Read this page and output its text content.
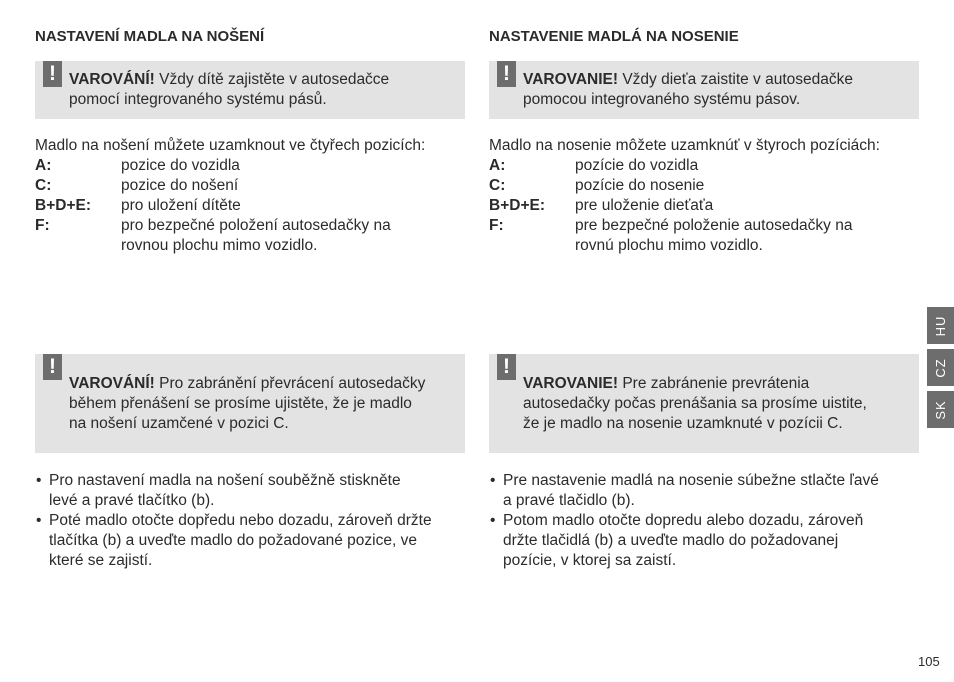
NASTAVENÍ MADLA NA NOŠENÍ
! VAROVÁNÍ! Vždy dítě zajistěte v autosedačce
pomocí integrovaného systému pásů.
Madlo na nošení můžete uzamknout ve čtyřech pozicích:
A:	pozice do vozidla
C:	pozice do nošení
B+D+E:	pro uložení dítěte
F:	pro bezpečné položení autosedačky na
rovnou plochu mimo vozidlo.
!
VAROVÁNÍ! Pro zabránění převrácení autosedačky
během přenášení se prosíme ujistěte, že je madlo
na nošení uzamčené v pozici C.
• Pro nastavení madla na nošení souběžně stiskněte
levé a pravé tlačítko (b).
• Poté madlo otočte dopředu nebo dozadu, zároveň držte
tlačítka (b) a uveďte madlo do požadované pozice, ve
které se zajistí.
NASTAVENIE MADLÁ NA NOSENIE
! VAROVANIE! Vždy dieťa zaistite v autosedačke
pomocou integrovaného systému pásov.
Madlo na nosenie môžete uzamknúť v štyroch pozíciách:
A:	pozície do vozidla
C:	pozície do nosenie
B+D+E:	pre uloženie dieťaťa
F:	pre bezpečné položenie autosedačky na
rovnú plochu mimo vozidlo.
!
VAROVANIE! Pre zabránenie prevrátenia
autosedačky počas prenášania sa prosíme uistite,
že je madlo na nosenie uzamknuté v pozícii C.
• Pre nastavenie madlá na nosenie súbežne stlačte ľavé
a pravé tlačidlo (b).
• Potom madlo otočte dopredu alebo dozadu, zároveň
držte tlačidlá (b) a uveďte madlo do požadovanej
pozície, v ktorej sa zaistí.
HU
CZ
SK
105
